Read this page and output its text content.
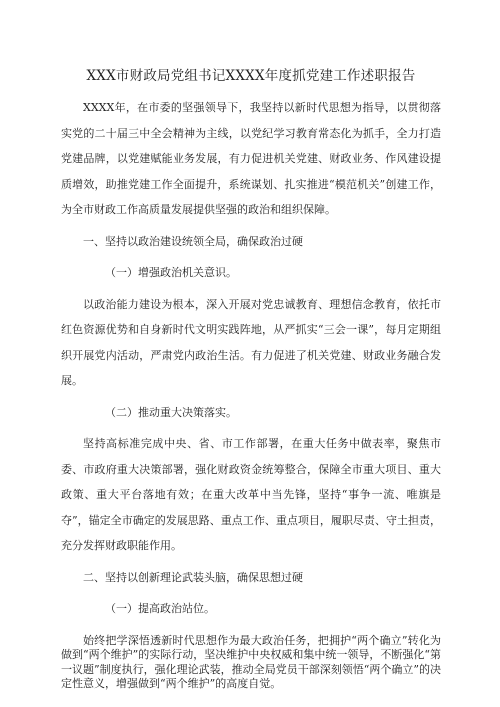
XXX市财政局党组书记XXXX年度抓党建工作述职报告

XXXX年，在市委的坚强领导下，我坚持以新时代思想为指导，以贯彻落实党的二十届三中全会精神为主线，以党纪学习教育常态化为抓手，全力打造党建品牌，以党建赋能业务发展，有力促进机关党建、财政业务、作风建设提质增效，助推党建工作全面提升，系统谋划、扎实推进“模范机关”创建工作，为全市财政工作高质量发展提供坚强的政治和组织保障。

一、坚持以政治建设统领全局，确保政治过硬

（一）增强政治机关意识。

以政治能力建设为根本，深入开展对党忠诚教育、理想信念教育，依托市红色资源优势和自身新时代文明实践阵地，从严抓实“三会一课”，每月定期组织开展党内活动，严肃党内政治生活。有力促进了机关党建、财政业务融合发展。

（二）推动重大决策落实。

坚持高标准完成中央、省、市工作部署，在重大任务中做表率，聚焦市委、市政府重大决策部署，强化财政资金统筹整合，保障全市重大项目、重大政策、重大平台落地有效；在重大改革中当先锋，坚持“事争一流、唯旗是夺”，锚定全市确定的发展思路、重点工作、重点项目，履职尽责、守土担责，充分发挥财政职能作用。

二、坚持以创新理论武装头脑，确保思想过硬

（一）提高政治站位。

始终把学深悟透新时代思想作为最大政治任务，把拥护“两个确立”转化为做到“两个维护”的实际行动，坚决维护中央权威和集中统一领导，不断强化“第一议题”制度执行，强化理论武装，推动全局党员干部深刻领悟“两个确立”的决定性意义，增强做到“两个维护”的高度自觉。
